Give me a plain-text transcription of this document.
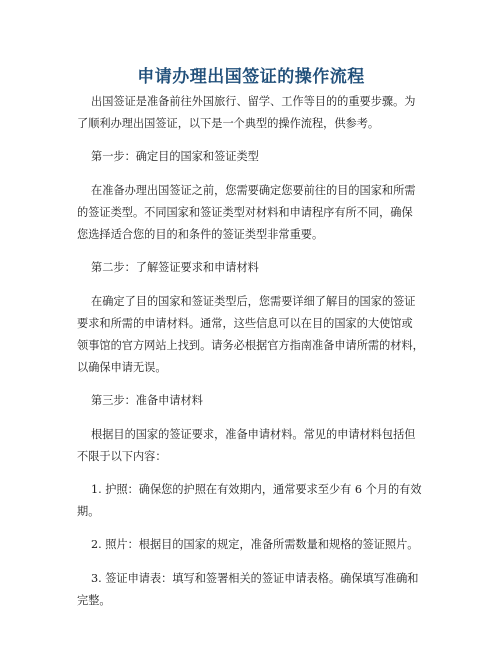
申请办理出国签证的操作流程
出国签证是准备前往外国旅行、留学、工作等目的的重要步骤。为
了顺利办理出国签证，以下是一个典型的操作流程，供参考。
第一步：确定目的国家和签证类型
在准备办理出国签证之前，您需要确定您要前往的目的国家和所需
的签证类型。不同国家和签证类型对材料和申请程序有所不同，确保
您选择适合您的目的和条件的签证类型非常重要。
第二步：了解签证要求和申请材料
在确定了目的国家和签证类型后，您需要详细了解目的国家的签证
要求和所需的申请材料。通常，这些信息可以在目的国家的大使馆或
领事馆的官方网站上找到。请务必根据官方指南准备申请所需的材料，
以确保申请无误。
第三步：准备申请材料
根据目的国家的签证要求，准备申请材料。常见的申请材料包括但
不限于以下内容：
1. 护照：确保您的护照在有效期内，通常要求至少有 6 个月的有效
期。
2. 照片：根据目的国家的规定，准备所需数量和规格的签证照片。
3. 签证申请表：填写和签署相关的签证申请表格。确保填写准确和
完整。
